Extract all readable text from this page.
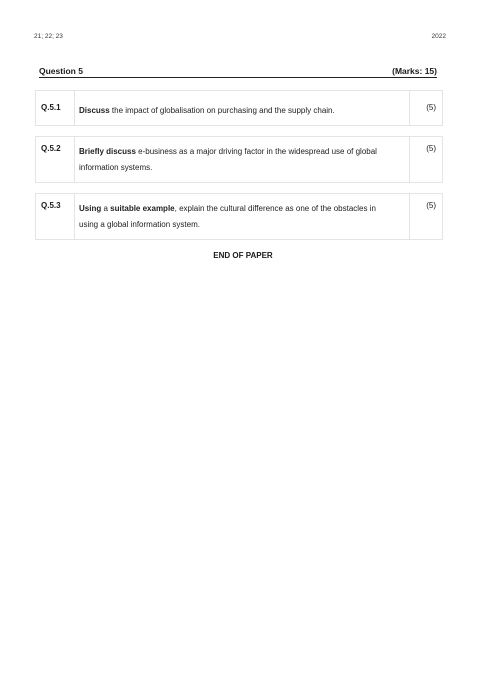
21; 22; 23	2022
Question 5	(Marks: 15)
Q.5.1	Discuss the impact of globalisation on purchasing and the supply chain.	(5)

Q.5.2	Briefly discuss e-business as a major driving factor in the widespread use of global
information systems.	(5)

Q.5.3	Using a suitable example, explain the cultural difference as one of the obstacles in
using a global information system.	(5)
END OF PAPER
